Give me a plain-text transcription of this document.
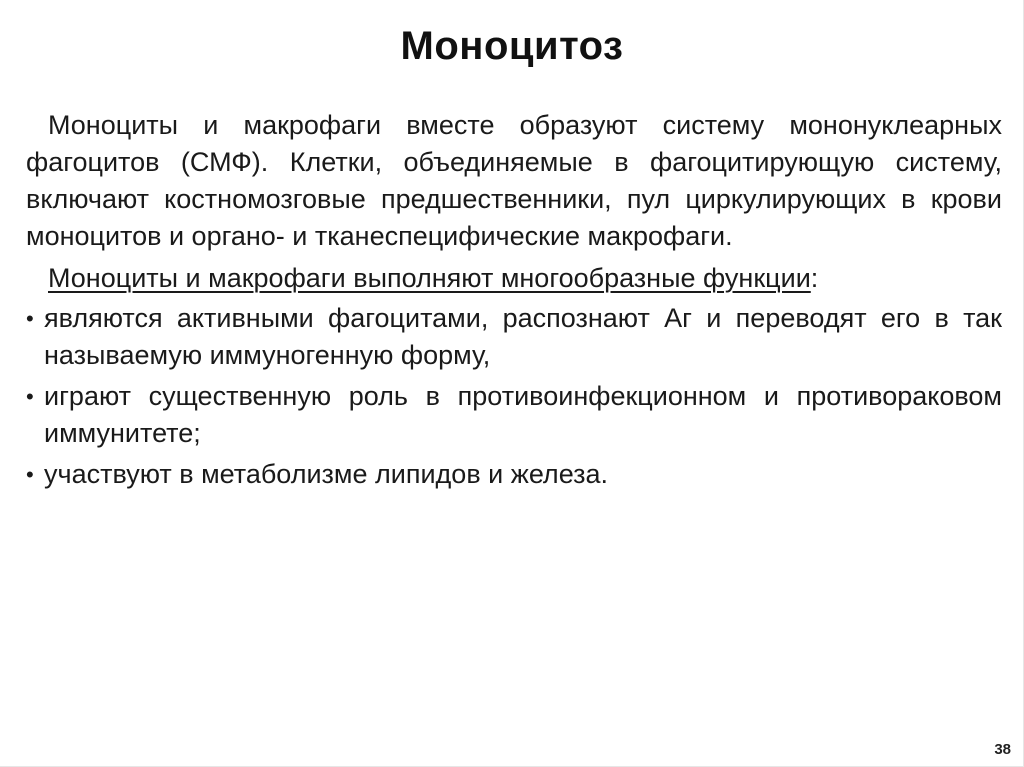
Моноцитоз

Моноциты и макрофаги вместе образуют систему мононуклеарных фагоцитов (СМФ). Клетки, объединяемые в фагоцитирующую систему, включают костномозговые предшественники, пул циркулирующих в крови моноцитов и органо- и тканеспецифические макрофаги.

Моноциты и макрофаги выполняют многообразные функции:

• являются активными фагоцитами, распознают Аг и переводят его в так называемую иммуногенную форму,
• играют существенную роль в противоинфекционном и противораковом иммунитете;
• участвуют в метаболизме липидов и железа.
38
